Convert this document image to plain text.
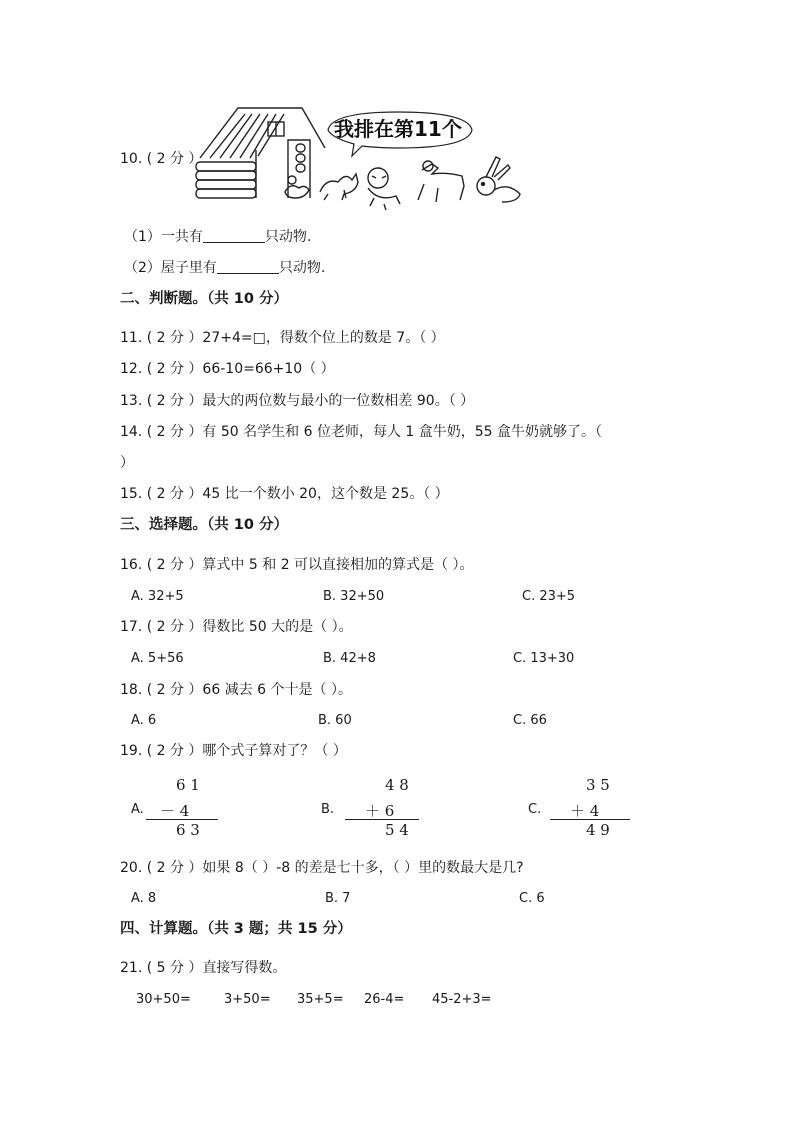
10. ( 2 分 ）
我排在第11个
（1）一共有	只动物.
（2）屋子里有	只动物.
二、判断题。（共 10 分）
11. ( 2 分 ）27+4=□，得数个位上的数是 7。（ ）
12. ( 2 分 ）66-10=66+10（ ）
13. ( 2 分 ）最大的两位数与最小的一位数相差 90。（ ）
14. ( 2 分 ）有 50 名学生和 6 位老师，每人 1 盒牛奶，55 盒牛奶就够了。（
）
15. ( 2 分 ）45 比一个数小 20，这个数是 25。（ ）
三、选择题。（共 10 分）
16. ( 2 分 ）算式中 5 和 2 可以直接相加的算式是（ ）。
A. 32+5	B. 32+50	C. 23+5
17. ( 2 分 ）得数比 50 大的是（ ）。
A. 5+56	B. 42+8	C. 13+30
18. ( 2 分 ）66 减去 6 个十是（ ）。
A. 6	B. 60	C. 66
19. ( 2 分 ）哪个式子算对了？（ ）
A.
6 1
－ 4
6 3
B.
4 8
＋ 6
5 4
C.
3 5
＋ 4
4 9
20. ( 2 分 ）如果 8（ ）-8 的差是七十多，（ ）里的数最大是几?
A. 8	B. 7	C. 6
四、计算题。（共 3 题；共 15 分）
21. ( 5 分 ）直接写得数。
30+50=	3+50= 35+5= 26-4= 45-2+3=
